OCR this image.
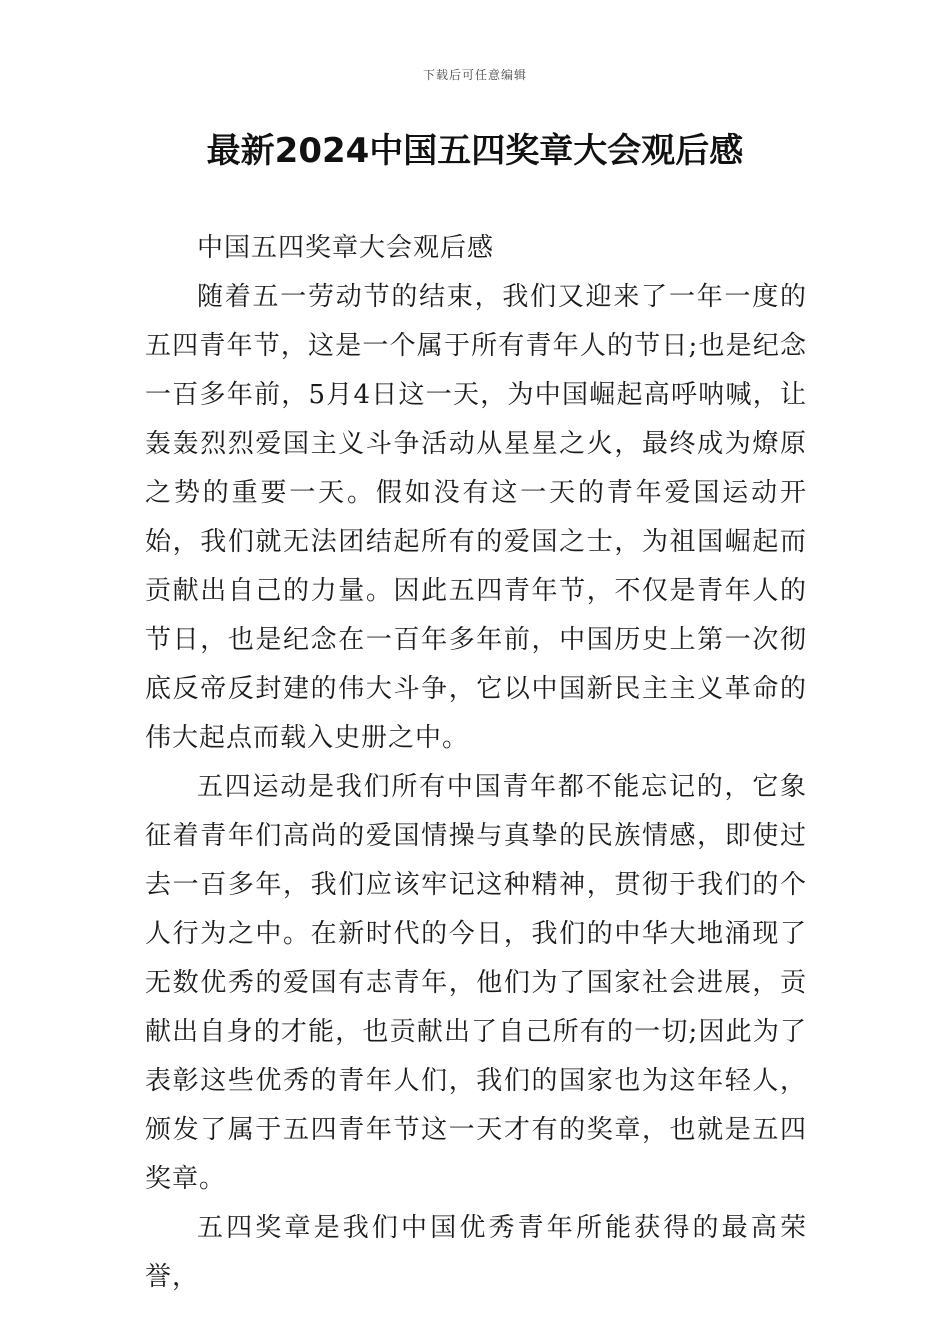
下载后可任意编辑
最新2024中国五四奖章大会观后感

中国五四奖章大会观后感

随着五一劳动节的结束，我们又迎来了一年一度的五四青年节，这是一个属于所有青年人的节日;也是纪念一百多年前，5月4日这一天，为中国崛起高呼呐喊，让轰轰烈烈爱国主义斗争活动从星星之火，最终成为燎原之势的重要一天。假如没有这一天的青年爱国运动开始，我们就无法团结起所有的爱国之士，为祖国崛起而贡献出自己的力量。因此五四青年节，不仅是青年人的节日，也是纪念在一百年多年前，中国历史上第一次彻底反帝反封建的伟大斗争，它以中国新民主主义革命的伟大起点而载入史册之中。

五四运动是我们所有中国青年都不能忘记的，它象征着青年们高尚的爱国情操与真挚的民族情感，即使过去一百多年，我们应该牢记这种精神，贯彻于我们的个人行为之中。在新时代的今日，我们的中华大地涌现了无数优秀的爱国有志青年，他们为了国家社会进展，贡献出自身的才能，也贡献出了自己所有的一切;因此为了表彰这些优秀的青年人们，我们的国家也为这年轻人，颁发了属于五四青年节这一天才有的奖章，也就是五四奖章。

五四奖章是我们中国优秀青年所能获得的最高荣誉，
